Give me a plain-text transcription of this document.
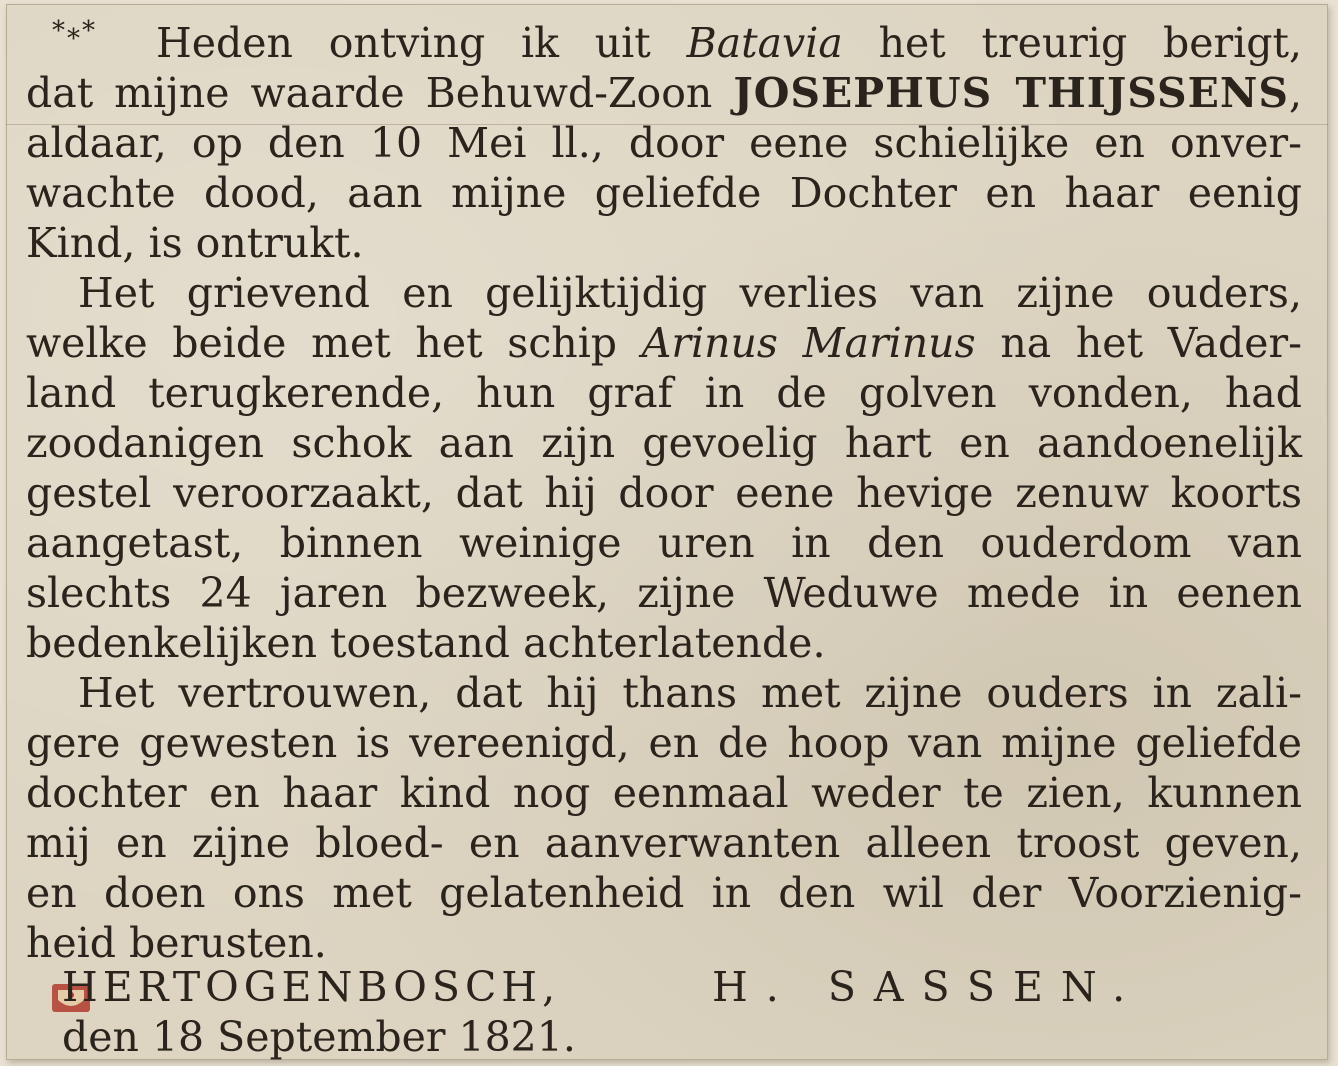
*⁎* Heden ontving ik uit Batavia het treurig berigt,
dat mijne waarde Behuwd-Zoon JOSEPHUS THIJSSENS,
aldaar, op den 10 Mei ll., door eene schielijke en onver-
wachte dood, aan mijne geliefde Dochter en haar eenig
Kind, is ontrukt.
Het grievend en gelijktijdig verlies van zijne ouders,
welke beide met het schip Arinus Marinus na het Vader-
land terugkerende, hun graf in de golven vonden, had
zoodanigen schok aan zijn gevoelig hart en aandoenelijk
gestel veroorzaakt, dat hij door eene hevige zenuw koorts
aangetast, binnen weinige uren in den ouderdom van
slechts 24 jaren bezweek, zijne Weduwe mede in eenen
bedenkelijken toestand achterlatende.
Het vertrouwen, dat hij thans met zijne ouders in zali-
gere gewesten is vereenigd, en de hoop van mijne geliefde
dochter en haar kind nog eenmaal weder te zien, kunnen
mij en zijne bloed- en aanverwanten alleen troost geven,
en doen ons met gelatenheid in den wil der Voorzienig-
heid berusten.
HERTOGENBOSCH,	H. SASSEN.
den 18 September 1821.
